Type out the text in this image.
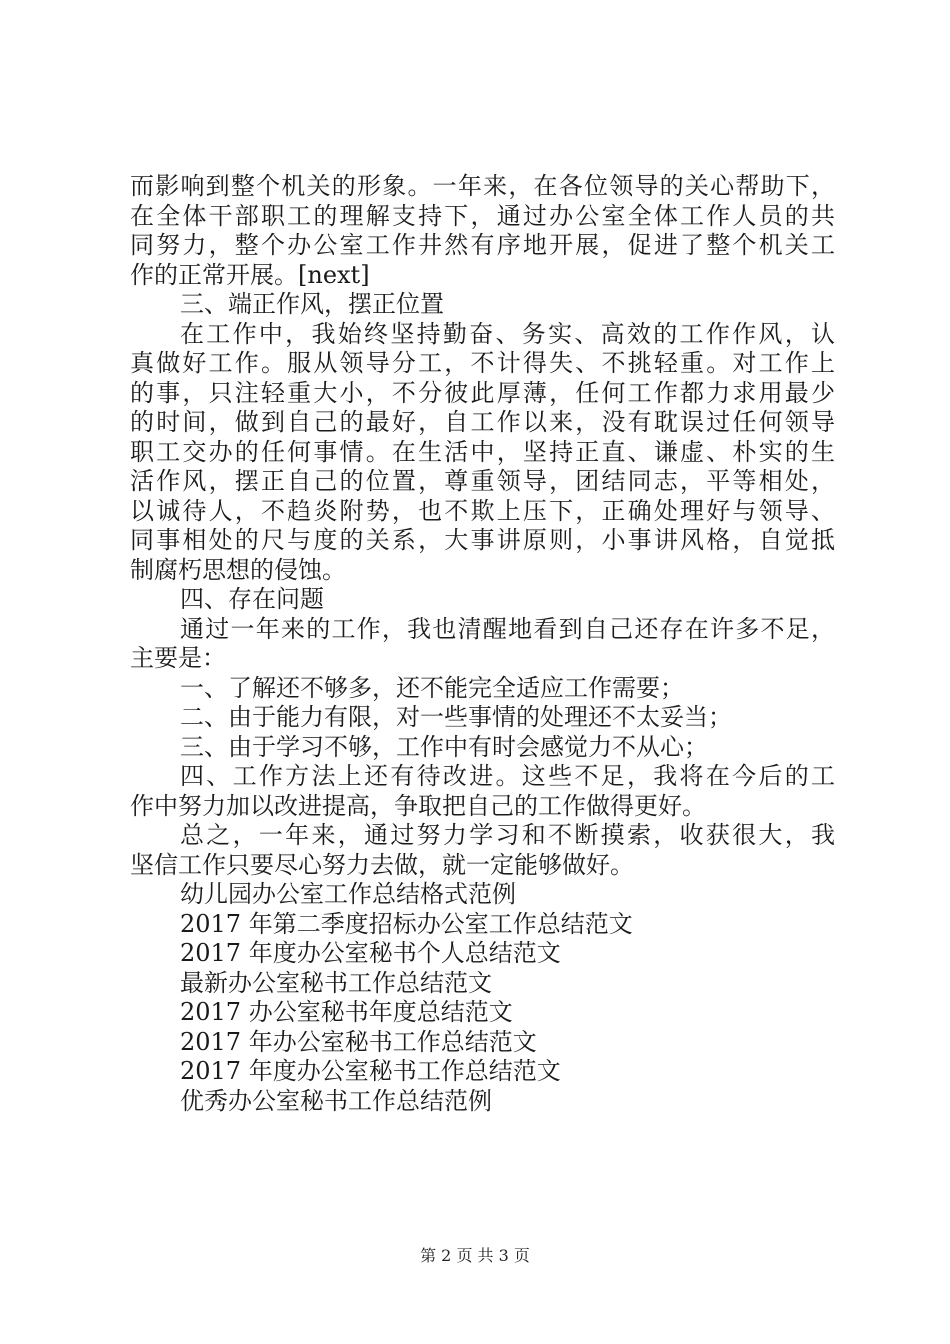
而影响到整个机关的形象。一年来，在各位领导的关心帮助下，
在全体干部职工的理解支持下，通过办公室全体工作人员的共
同努力，整个办公室工作井然有序地开展，促进了整个机关工
作的正常开展。[next]
三、端正作风，摆正位置
在工作中，我始终坚持勤奋、务实、高效的工作作风，认
真做好工作。服从领导分工，不计得失、不挑轻重。对工作上
的事，只注轻重大小，不分彼此厚薄，任何工作都力求用最少
的时间，做到自己的最好，自工作以来，没有耽误过任何领导
职工交办的任何事情。在生活中，坚持正直、谦虚、朴实的生
活作风，摆正自己的位置，尊重领导，团结同志，平等相处，
以诚待人，不趋炎附势，也不欺上压下，正确处理好与领导、
同事相处的尺与度的关系，大事讲原则，小事讲风格，自觉抵
制腐朽思想的侵蚀。
四、存在问题
通过一年来的工作，我也清醒地看到自己还存在许多不足，
主要是：
一、了解还不够多，还不能完全适应工作需要；
二、由于能力有限，对一些事情的处理还不太妥当；
三、由于学习不够，工作中有时会感觉力不从心；
四、工作方法上还有待改进。这些不足，我将在今后的工
作中努力加以改进提高，争取把自己的工作做得更好。
总之，一年来，通过努力学习和不断摸索，收获很大，我
坚信工作只要尽心努力去做，就一定能够做好。
幼儿园办公室工作总结格式范例
2017 年第二季度招标办公室工作总结范文
2017 年度办公室秘书个人总结范文
最新办公室秘书工作总结范文
2017 办公室秘书年度总结范文
2017 年办公室秘书工作总结范文
2017 年度办公室秘书工作总结范文
优秀办公室秘书工作总结范例
第 2 页 共 3 页
